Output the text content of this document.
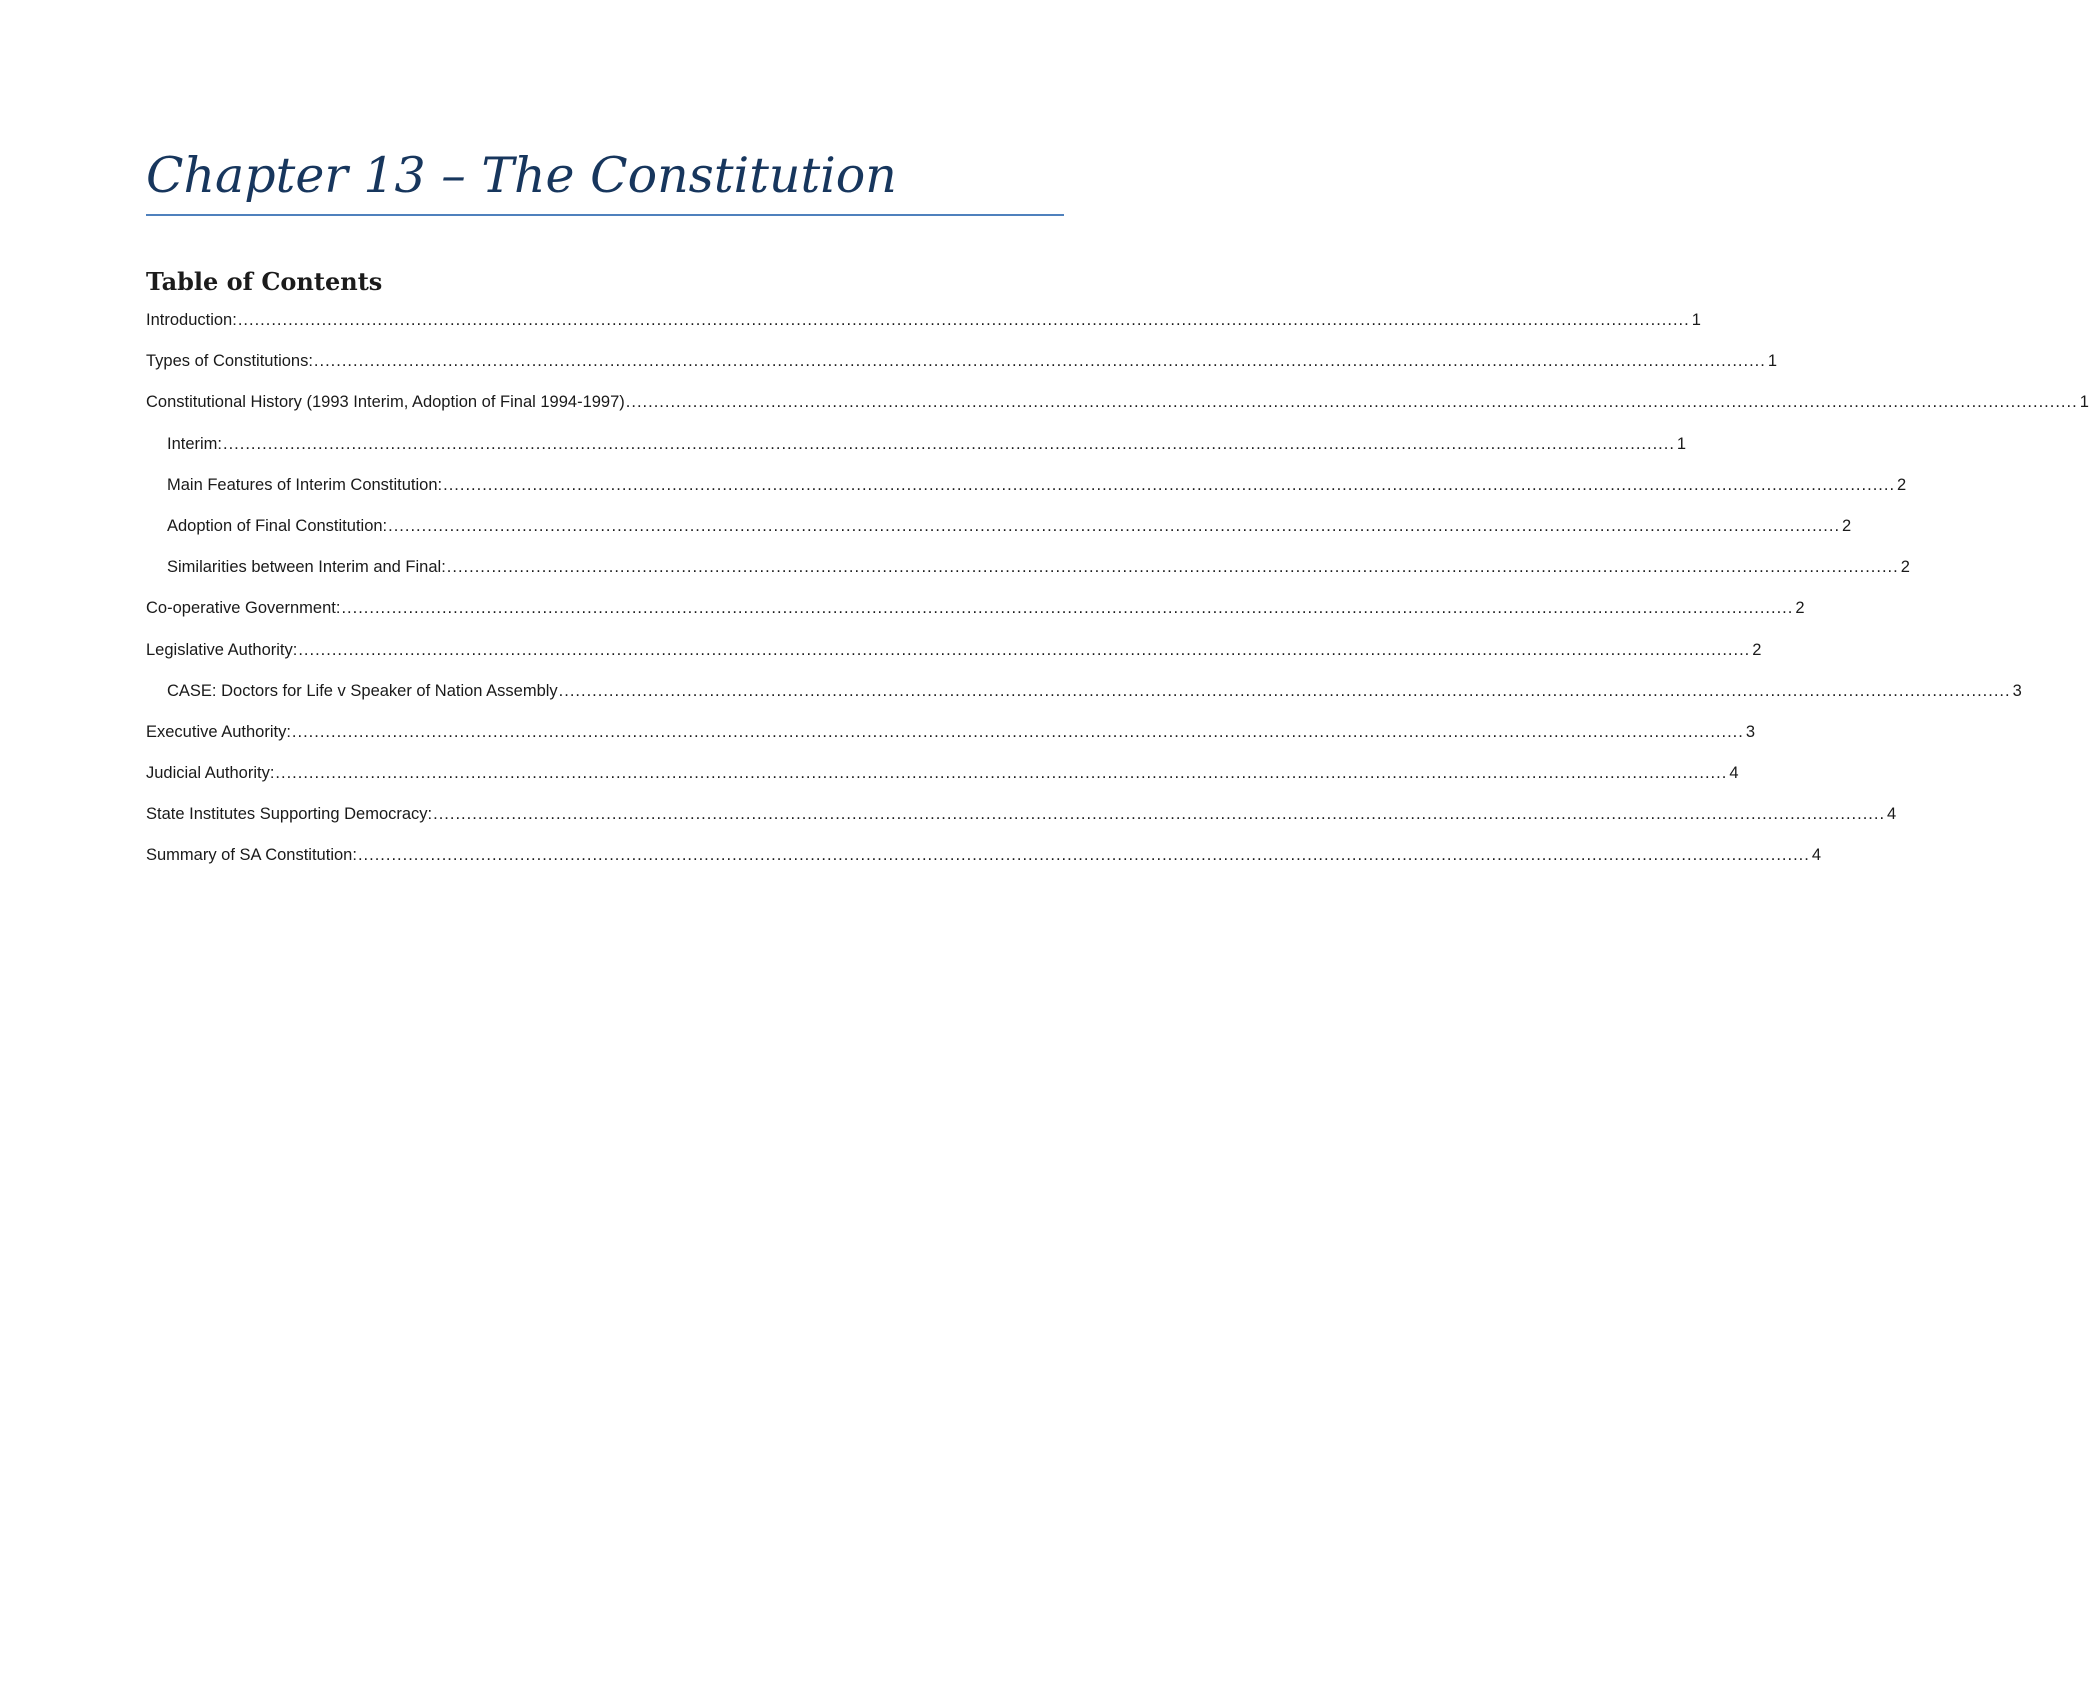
Chapter 13 – The Constitution
Table of Contents
Introduction: .................................................................................................................................................................................................................................................................... 1
Types of Constitutions: .................................................................................................................................................................................................................................................................... 1
Constitutional History (1993 Interim, Adoption of Final 1994-1997) .................................................................................................................................................................................................................................................................... 1
Interim: .................................................................................................................................................................................................................................................................... 1
Main Features of Interim Constitution: .................................................................................................................................................................................................................................................................... 2
Adoption of Final Constitution: .................................................................................................................................................................................................................................................................... 2
Similarities between Interim and Final: .................................................................................................................................................................................................................................................................... 2
Co-operative Government: .................................................................................................................................................................................................................................................................... 2
Legislative Authority: .................................................................................................................................................................................................................................................................... 2
CASE: Doctors for Life v Speaker of Nation Assembly .................................................................................................................................................................................................................................................................... 3
Executive Authority: .................................................................................................................................................................................................................................................................... 3
Judicial Authority: .................................................................................................................................................................................................................................................................... 4
State Institutes Supporting Democracy: .................................................................................................................................................................................................................................................................... 4
Summary of SA Constitution: .................................................................................................................................................................................................................................................................... 4
